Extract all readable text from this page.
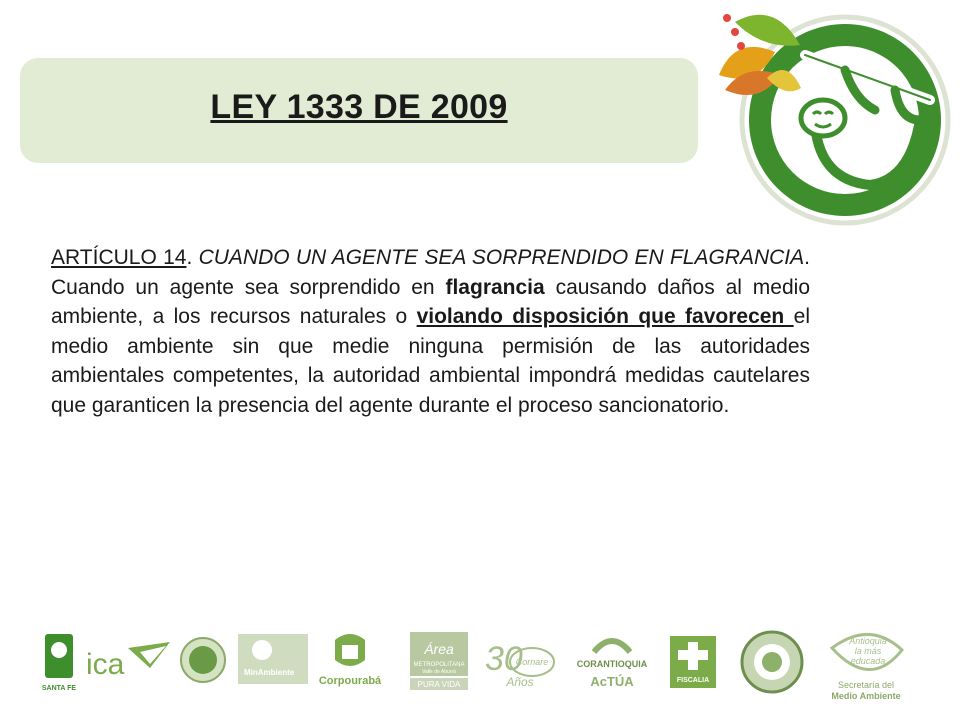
LEY 1333 DE 2009

ARTÍCULO 14. CUANDO UN AGENTE SEA SORPRENDIDO EN FLAGRANCIA. Cuando un agente sea sorprendido en flagrancia causando daños al medio ambiente, a los recursos naturales o violando disposición que favorecen el medio ambiente sin que medie ninguna permisión de las autoridades ambientales competentes, la autoridad ambiental impondrá medidas cautelares que garanticen la presencia del agente durante el proceso sancionatorio.

SANTA FE
ica	MinAmbiente
Corpourabá
Área
METROPOLITANA
Valle de Aburrá
PURA VIDA
30
Cornare
Años
CORANTIOQUIA
AcTÚA	FISCALIA
Antioquia
la más
educada
Secretaría del
Medio Ambiente
